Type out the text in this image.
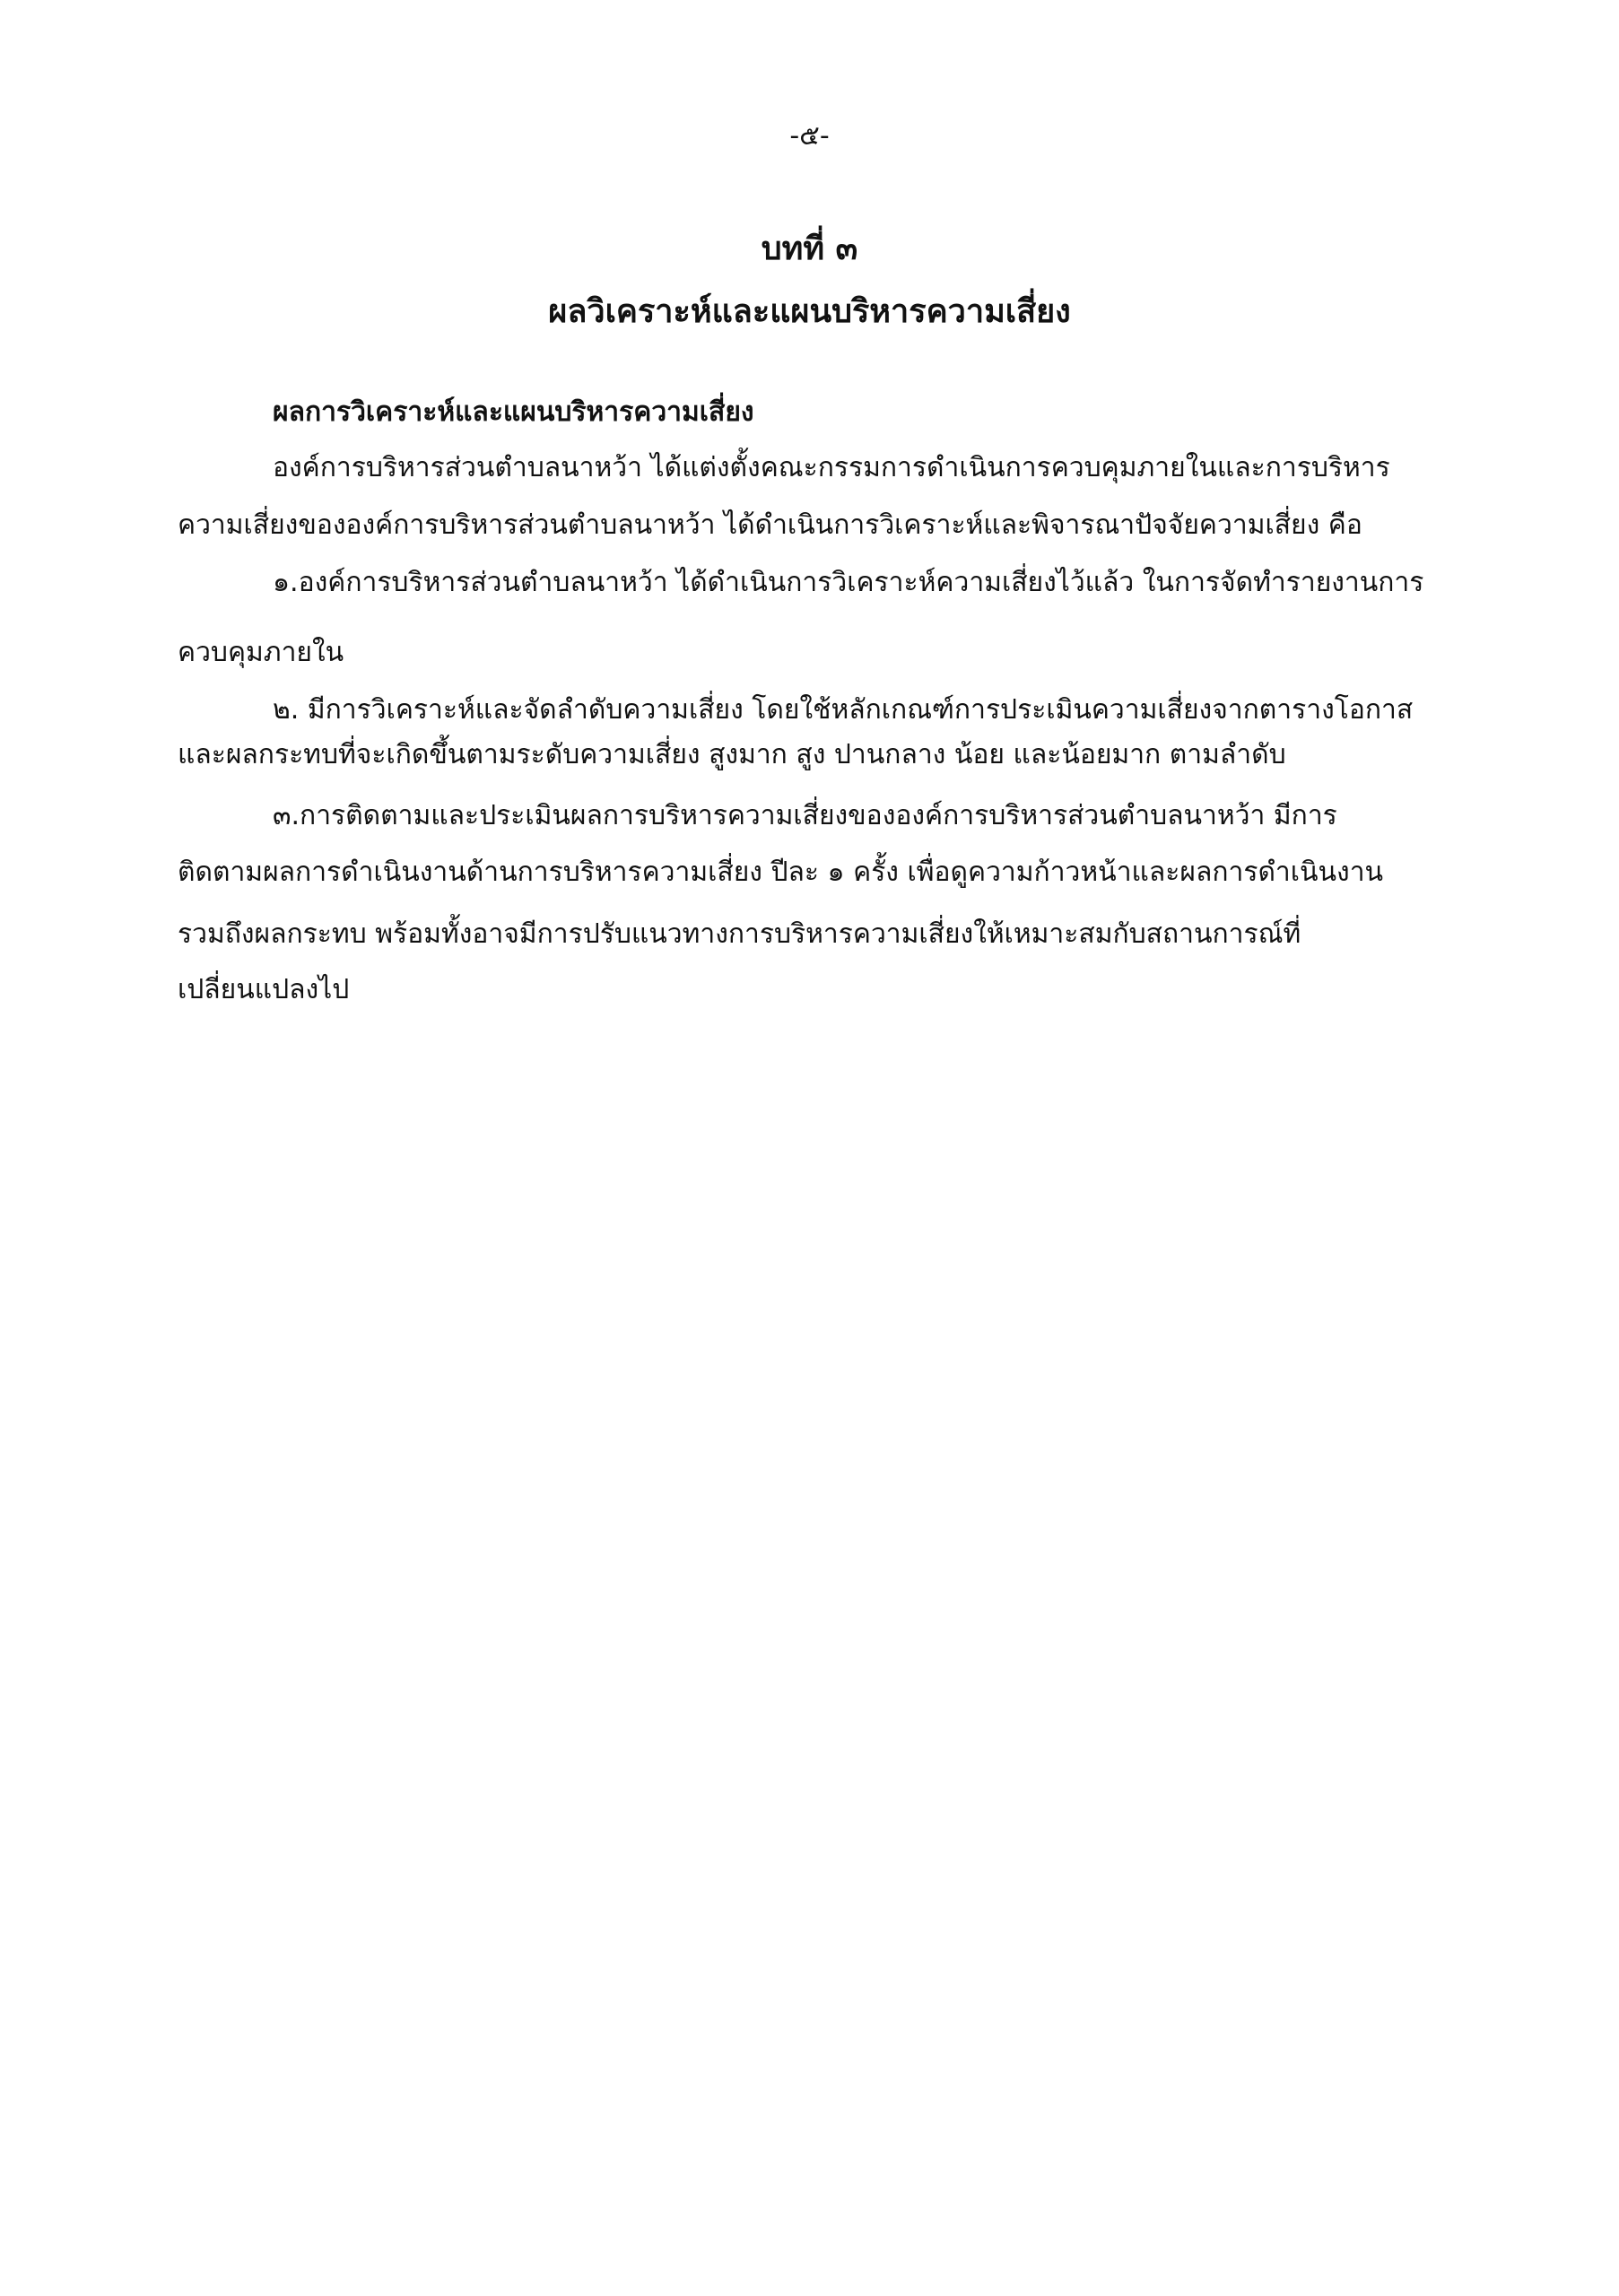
-๕-

บทที่ ๓
ผลวิเคราะห์และแผนบริหารความเสี่ยง

ผลการวิเคราะห์และแผนบริหารความเสี่ยง

องค์การบริหารส่วนตำบลนาหว้า ได้แต่งตั้งคณะกรรมการดำเนินการควบคุมภายในและการบริหาร

ความเสี่ยงขององค์การบริหารส่วนตำบลนาหว้า ได้ดำเนินการวิเคราะห์และพิจารณาปัจจัยความเสี่ยง คือ

๑.องค์การบริหารส่วนตำบลนาหว้า ได้ดำเนินการวิเคราะห์ความเสี่ยงไว้แล้ว ในการจัดทำรายงานการ

ควบคุมภายใน

๒. มีการวิเคราะห์และจัดลำดับความเสี่ยง โดยใช้หลักเกณฑ์การประเมินความเสี่ยงจากตารางโอกาส

และผลกระทบที่จะเกิดขึ้นตามระดับความเสี่ยง สูงมาก สูง ปานกลาง น้อย และน้อยมาก ตามลำดับ

๓.การติดตามและประเมินผลการบริหารความเสี่ยงขององค์การบริหารส่วนตำบลนาหว้า มีการ

ติดตามผลการดำเนินงานด้านการบริหารความเสี่ยง ปีละ ๑ ครั้ง เพื่อดูความก้าวหน้าและผลการดำเนินงาน

รวมถึงผลกระทบ พร้อมทั้งอาจมีการปรับแนวทางการบริหารความเสี่ยงให้เหมาะสมกับสถานการณ์ที่

เปลี่ยนแปลงไป
